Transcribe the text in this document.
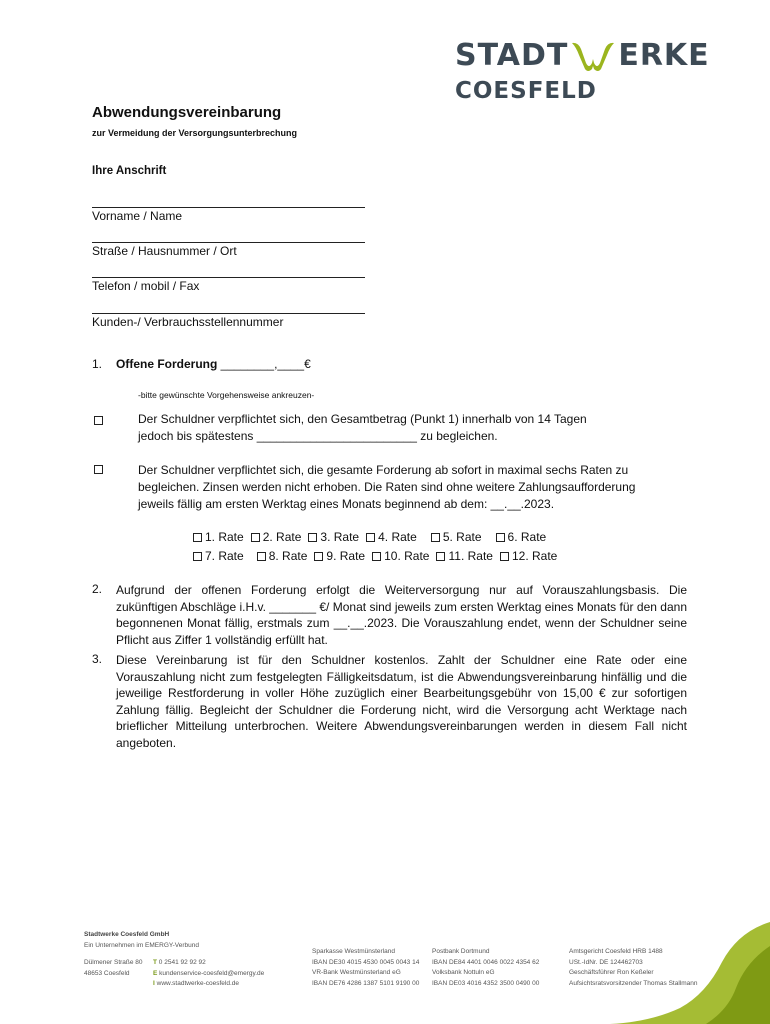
STADT ERKE
COESFELD
Abwendungsvereinbarung
zur Vermeidung der Versorgungsunterbrechung
Ihre Anschrift
Vorname / Name
Straße / Hausnummer / Ort
Telefon / mobil / Fax
Kunden-/ Verbrauchsstellennummer
1. Offene Forderung ________,____€
-bitte gewünschte Vorgehensweise ankreuzen-
Der Schuldner verpflichtet sich, den Gesamtbetrag (Punkt 1) innerhalb von 14 Tagen
jedoch bis spätestens ________________________ zu begleichen.
Der Schuldner verpflichtet sich, die gesamte Forderung ab sofort in maximal sechs Raten zu
begleichen. Zinsen werden nicht erhoben. Die Raten sind ohne weitere Zahlungsaufforderung
jeweils fällig am ersten Werktag eines Monats beginnend ab dem: __.__.2023.
1. Rate 2. Rate 3. Rate 4. Rate 5. Rate 6. Rate
7. Rate 8. Rate 9. Rate 10. Rate 11. Rate 12. Rate
2. Aufgrund der offenen Forderung erfolgt die Weiterversorgung nur auf Vorauszahlungsbasis. Die zukünftigen Abschläge i.H.v. _______ €/ Monat sind jeweils zum ersten Werktag eines Monats für den dann begonnenen Monat fällig, erstmals zum __.__.2023. Die Vorauszahlung endet, wenn der Schuldner seine Pflicht aus Ziffer 1 vollständig erfüllt hat.
3. Diese Vereinbarung ist für den Schuldner kostenlos. Zahlt der Schuldner eine Rate oder eine Vorauszahlung nicht zum festgelegten Fälligkeitsdatum, ist die Abwendungsvereinbarung hinfällig und die jeweilige Restforderung in voller Höhe zuzüglich einer Bearbeitungsgebühr von 15,00 € zur sofortigen Zahlung fällig. Begleicht der Schuldner die Forderung nicht, wird die Versorgung acht Werktage nach brieflicher Mitteilung unterbrochen. Weitere Abwendungsvereinbarungen werden in diesem Fall nicht angeboten.
Stadtwerke Coesfeld GmbH
Ein Unternehmen im EMERGY-Verbund
Dülmener Straße 80
48653 Coesfeld
T 0 2541 92 92 92
E kundenservice-coesfeld@emergy.de
I www.stadtwerke-coesfeld.de
Sparkasse Westmünsterland
IBAN DE30 4015 4530 0045 0043 14
VR-Bank Westmünsterland eG
IBAN DE76 4286 1387 5101 9190 00
Postbank Dortmund
IBAN DE84 4401 0046 0022 4354 62
Volksbank Nottuln eG
IBAN DE03 4016 4352 3500 0490 00
Amtsgericht Coesfeld HRB 1488
USt.-IdNr. DE 124462703
Geschäftsführer Ron Keßeler
Aufsichtsratsvorsitzender Thomas Stallmann
